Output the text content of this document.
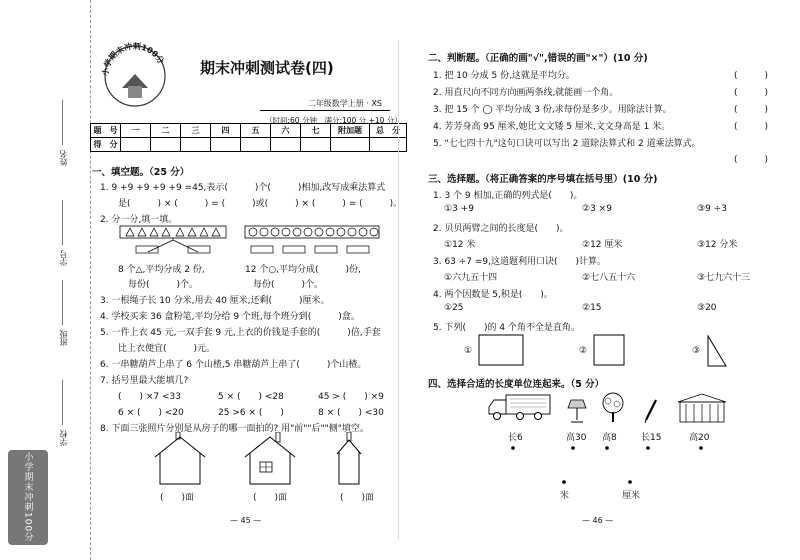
姓名
学号
班级
学校
小学期末冲刺100分
小学期末冲刺100分 期末冲刺测试卷(四)
二年级数学上册 · XS
（时间:60 分钟　满分:100 分 +10 分）
题　号	一	二	三	四	五	六	七	附加题	总　分
得　分									
一、填空题。（25 分）
1. 9 +9 +9 +9 +9 =45,表示(　　　)个(　　　)相加,改写成乘法算式
是(　　　) × (　　　) = (　　　)或(　　　) × (　　　) = (　　　)。
2. 分一分,填一填。
8 个△,平均分成 2 份,
每份(　　　)个。
12 个○,平均分成(　　　)份,
每份(　　　)个。
3. 一根绳子长 10 分米,用去 40 厘米,还剩(　　　)厘米。
4. 学校买来 36 盒粉笔,平均分给 9 个班,每个班分到(　　　)盒。
5. 一件上衣 45 元,一双手套 9 元,上衣的价钱是手套的(　　　)倍,手套
比上衣便宜(　　　)元。
6. 一串糖葫芦上串了 6 个山楂,5 串糖葫芦上串了(　　　)个山楂。
7. 括号里最大能填几?
(　　) ×7 <33	5 × (　　) <28	45 > (　　) ×9
6 × (　　) <20	25 >6 × (　　)	8 × (　　) <30
8. 下面三张照片分别是从房子的哪一面拍的? 用"前""后""侧"填空。
(　　)面	(　　)面	(　　)面
— 45 —
二、判断题。（正确的画"√",错误的画"×"）(10 分)
1. 把 10 分成 5 份,这就是平均分。	(　　　)
2. 用直尺向不同方向画两条线,就能画一个角。	(　　　)
3. 把 15 个 ◯ 平均分成 3 份,求每份是多少。用除法计算。	(　　　)
4. 芳芳身高 95 厘米,她比文文矮 5 厘米,文文身高是 1 米。	(　　　)
5. "七七四十九"这句口诀可以写出 2 道除法算式和 2 道乘法算式。
(　　　)
三、选择题。（将正确答案的序号填在括号里）(10 分)
1. 3 个 9 相加,正确的列式是(　　)。
①3 +9	②3 ×9	③9 ÷3
2. 贝贝两臂之间的长度是(　　)。
①12 米	②12 厘米	③12 分米
3. 63 ÷7 =9,这道题利用口诀(　　)计算。
①六九五十四	②七八五十六	③七九六十三
4. 两个因数是 5,积是(　　)。
①25	②15	③20
5. 下列(　　)的 4 个角不全是直角。
①	②	③
四、选择合适的长度单位连起来。（5 分）
长6	高30 高8	长15	高20
米	厘米
— 46 —
